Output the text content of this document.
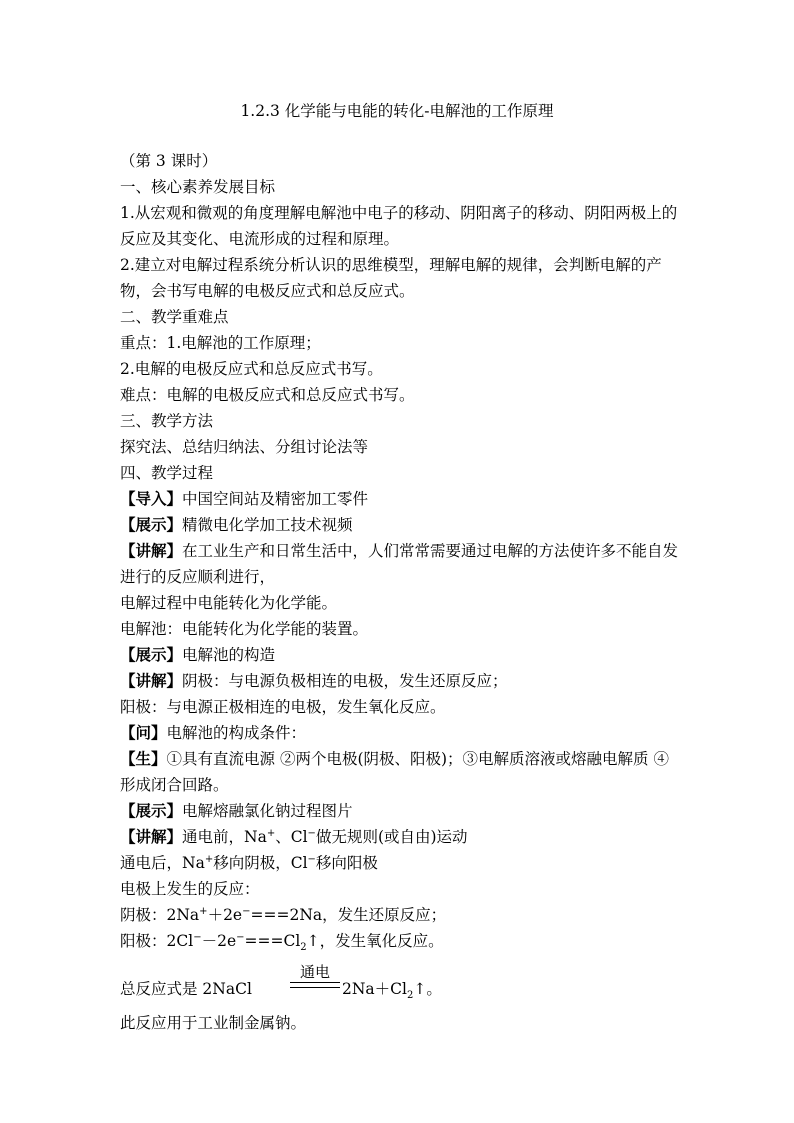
1.2.3 化学能与电能的转化-电解池的工作原理
（第 3 课时）
一、核心素养发展目标
1.从宏观和微观的角度理解电解池中电子的移动、阴阳离子的移动、阴阳两极上的反应及其变化、电流形成的过程和原理。
2.建立对电解过程系统分析认识的思维模型，理解电解的规律，会判断电解的产物，会书写电解的电极反应式和总反应式。
二、教学重难点
重点：1.电解池的工作原理；
2.电解的电极反应式和总反应式书写。
难点：电解的电极反应式和总反应式书写。
三、教学方法
探究法、总结归纳法、分组讨论法等
四、教学过程
【导入】中国空间站及精密加工零件
【展示】精微电化学加工技术视频
【讲解】在工业生产和日常生活中，人们常常需要通过电解的方法使许多不能自发进行的反应顺利进行，
电解过程中电能转化为化学能。
电解池：电能转化为化学能的装置。
【展示】电解池的构造
【讲解】阴极：与电源负极相连的电极，发生还原反应；
阳极：与电源正极相连的电极，发生氧化反应。
【问】电解池的构成条件：
【生】①具有直流电源 ②两个电极(阴极、阳极)；③电解质溶液或熔融电解质 ④形成闭合回路。
【展示】电解熔融氯化钠过程图片
【讲解】通电前，Na+、Cl−做无规则(或自由)运动
通电后，Na+移向阴极，Cl−移向阳极
电极上发生的反应：
阴极：2Na+＋2e−===2Na，发生还原反应；
阳极：$2Cl^--2e^-===Cl_2↑$，发生氧化反应。
总反应式是 2NaCl
通电
$2Na+Cl_2↑$。
此反应用于工业制金属钠。
